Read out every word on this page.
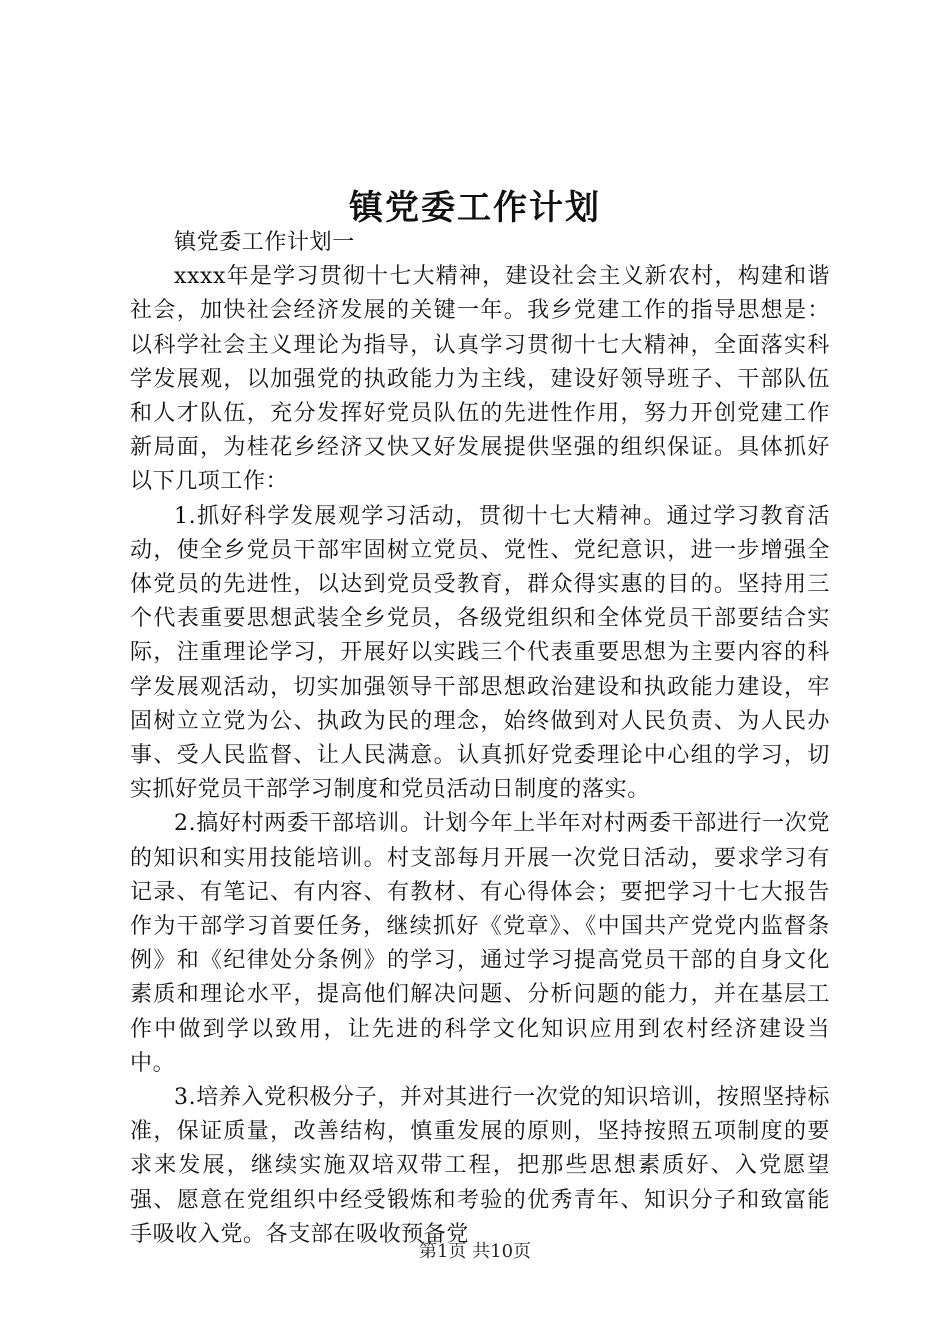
镇党委工作计划

镇党委工作计划一

xxxx年是学习贯彻十七大精神，建设社会主义新农村，构建和谐社会，加快社会经济发展的关键一年。我乡党建工作的指导思想是：以科学社会主义理论为指导，认真学习贯彻十七大精神，全面落实科学发展观，以加强党的执政能力为主线，建设好领导班子、干部队伍和人才队伍，充分发挥好党员队伍的先进性作用，努力开创党建工作新局面，为桂花乡经济又快又好发展提供坚强的组织保证。具体抓好以下几项工作：

1.抓好科学发展观学习活动，贯彻十七大精神。通过学习教育活动，使全乡党员干部牢固树立党员、党性、党纪意识，进一步增强全体党员的先进性，以达到党员受教育，群众得实惠的目的。坚持用三个代表重要思想武装全乡党员，各级党组织和全体党员干部要结合实际，注重理论学习，开展好以实践三个代表重要思想为主要内容的科学发展观活动，切实加强领导干部思想政治建设和执政能力建设，牢固树立立党为公、执政为民的理念，始终做到对人民负责、为人民办事、受人民监督、让人民满意。认真抓好党委理论中心组的学习，切实抓好党员干部学习制度和党员活动日制度的落实。

2.搞好村两委干部培训。计划今年上半年对村两委干部进行一次党的知识和实用技能培训。村支部每月开展一次党日活动，要求学习有记录、有笔记、有内容、有教材、有心得体会；要把学习十七大报告作为干部学习首要任务，继续抓好《党章》、《中国共产党党内监督条例》和《纪律处分条例》的学习，通过学习提高党员干部的自身文化素质和理论水平，提高他们解决问题、分析问题的能力，并在基层工作中做到学以致用，让先进的科学文化知识应用到农村经济建设当中。

3.培养入党积极分子，并对其进行一次党的知识培训，按照坚持标准，保证质量，改善结构，慎重发展的原则，坚持按照五项制度的要求来发展，继续实施双培双带工程，把那些思想素质好、入党愿望强、愿意在党组织中经受锻炼和考验的优秀青年、知识分子和致富能手吸收入党。各支部在吸收预备党

第1页 共10页
